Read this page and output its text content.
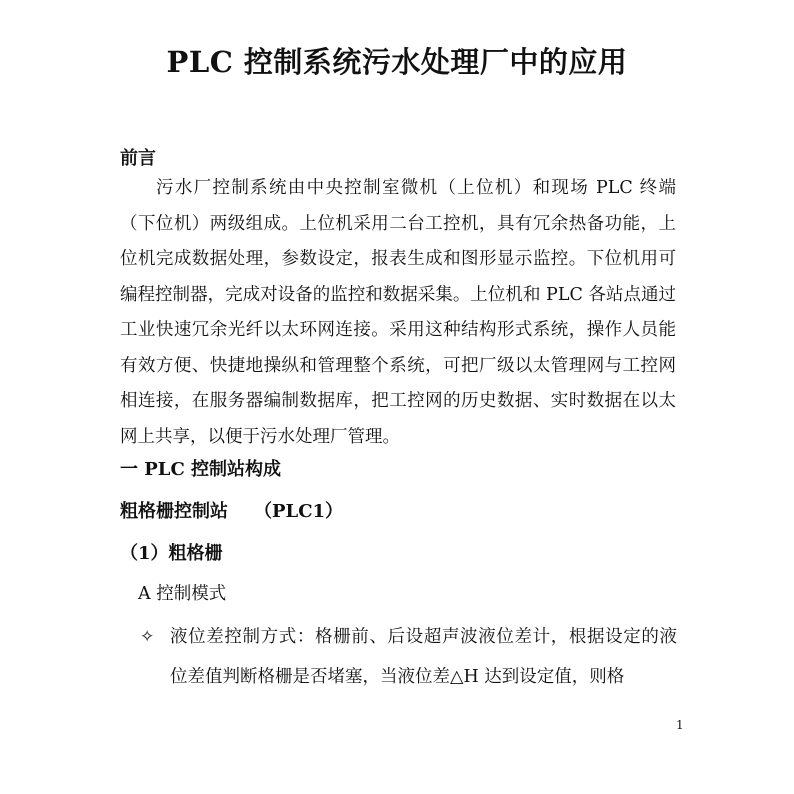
PLC 控制系统污水处理厂中的应用
前言
污水厂控制系统由中央控制室微机（上位机）和现场 PLC 终端（下位机）两级组成。上位机采用二台工控机，具有冗余热备功能，上位机完成数据处理，参数设定，报表生成和图形显示监控。下位机用可编程控制器，完成对设备的监控和数据采集。上位机和 PLC 各站点通过工业快速冗余光纤以太环网连接。采用这种结构形式系统，操作人员能有效方便、快捷地操纵和管理整个系统，可把厂级以太管理网与工控网相连接，在服务器编制数据库，把工控网的历史数据、实时数据在以太网上共享，以便于污水处理厂管理。
一 PLC 控制站构成
粗格栅控制站 （PLC1）
（1）粗格栅
A 控制模式
✧ 液位差控制方式：格栅前、后设超声波液位差计，根据设定的液位差值判断格栅是否堵塞，当液位差△H 达到设定值，则格
1
